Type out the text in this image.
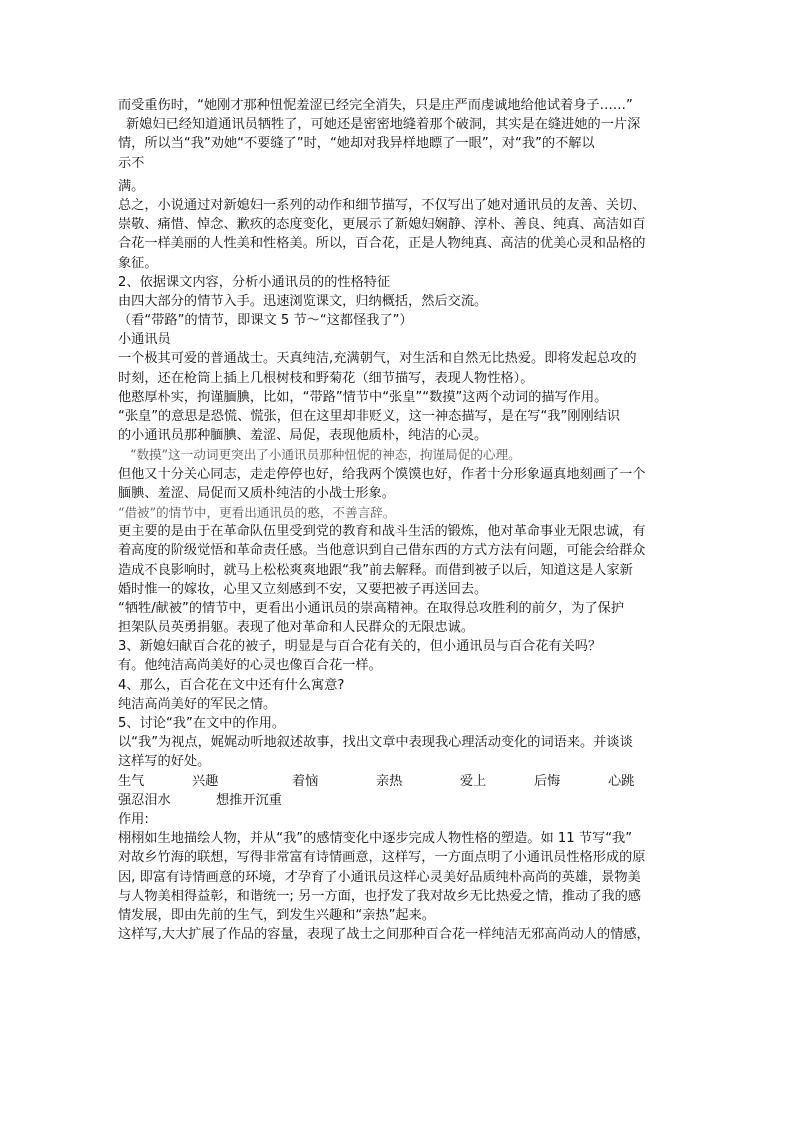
而受重伤时，“她刚才那种忸怩羞涩已经完全消失，只是庄严而虔诚地给他试着身子……”
新媳妇已经知道通讯员牺牲了，可她还是密密地缝着那个破洞，其实是在缝进她的一片深
情，所以当“我”劝她“不要缝了”时，“她却对我异样地瞟了一眼”，对“我”的不解以
示不
满。
总之，小说通过对新媳妇一系列的动作和细节描写，不仅写出了她对通讯员的友善、关切、
崇敬、痛惜、悼念、歉疚的态度变化，更展示了新媳妇娴静、淳朴、善良、纯真、高洁如百
合花一样美丽的人性美和性格美。所以，百合花，正是人物纯真、高洁的优美心灵和品格的
象征。
2、依据课文内容，分析小通讯员的的性格特征
由四大部分的情节入手。迅速浏览课文，归纳概括，然后交流。
（看“带路”的情节，即课文 5 节～“这都怪我了”）
小通讯员
一个极其可爱的普通战士。天真纯洁,充满朝气，对生活和自然无比热爱。即将发起总攻的
时刻，还在枪筒上插上几根树枝和野菊花（细节描写，表现人物性格）。
他憨厚朴实，拘谨腼腆，比如，“带路”情节中“张皇”“数摸”这两个动词的描写作用。
“张皇”的意思是恐慌、慌张，但在这里却非贬义，这一神态描写，是在写“我”刚刚结识
的小通讯员那种腼腆、羞涩、局促，表现他质朴，纯洁的心灵。
“数摸”这一动词更突出了小通讯员那种忸怩的神态，拘谨局促的心理。
但他又十分关心同志，走走停停也好，给我两个馍馍也好，作者十分形象逼真地刻画了一个
腼腆、羞涩、局促而又质朴纯洁的小战士形象。
“借被”的情节中，更看出通讯员的憨，不善言辞。
更主要的是由于在革命队伍里受到党的教育和战斗生活的锻炼，他对革命事业无限忠诚，有
着高度的阶级觉悟和革命责任感。当他意识到自己借东西的方式方法有问题，可能会给群众
造成不良影响时，就马上松松爽爽地跟“我”前去解释。而借到被子以后，知道这是人家新
婚时惟一的嫁妆，心里又立刻感到不安，又要把被子再送回去。
“牺牲/献被”的情节中，更看出小通讯员的崇高精神。在取得总攻胜利的前夕，为了保护
担架队员英勇捐躯。表现了他对革命和人民群众的无限忠诚。
3、新媳妇献百合花的被子，明显是与百合花有关的，但小通讯员与百合花有关吗？
有。他纯洁高尚美好的心灵也像百合花一样。
4、那么，百合花在文中还有什么寓意?
纯洁高尚美好的军民之情。
5、讨论“我”在文中的作用。
以“我”为视点，娓娓动听地叙述故事，找出文章中表现我心理活动变化的词语来。并谈谈
这样写的好处。
生气	兴趣	着恼	亲热	爱上	后悔	心跳
强忍泪水	想推开沉重
作用:
栩栩如生地描绘人物，并从“我”的感情变化中逐步完成人物性格的塑造。如 11 节写“我”
对故乡竹海的联想，写得非常富有诗情画意，这样写，一方面点明了小通讯员性格形成的原
因, 即富有诗情画意的环境，才孕育了小通讯员这样心灵美好品质纯朴高尚的英雄，景物美
与人物美相得益彰，和谐统一; 另一方面，也抒发了我对故乡无比热爱之情，推动了我的感
情发展，即由先前的生气，到发生兴趣和“亲热”起来。
这样写,大大扩展了作品的容量，表现了战士之间那种百合花一样纯洁无邪高尚动人的情感，
